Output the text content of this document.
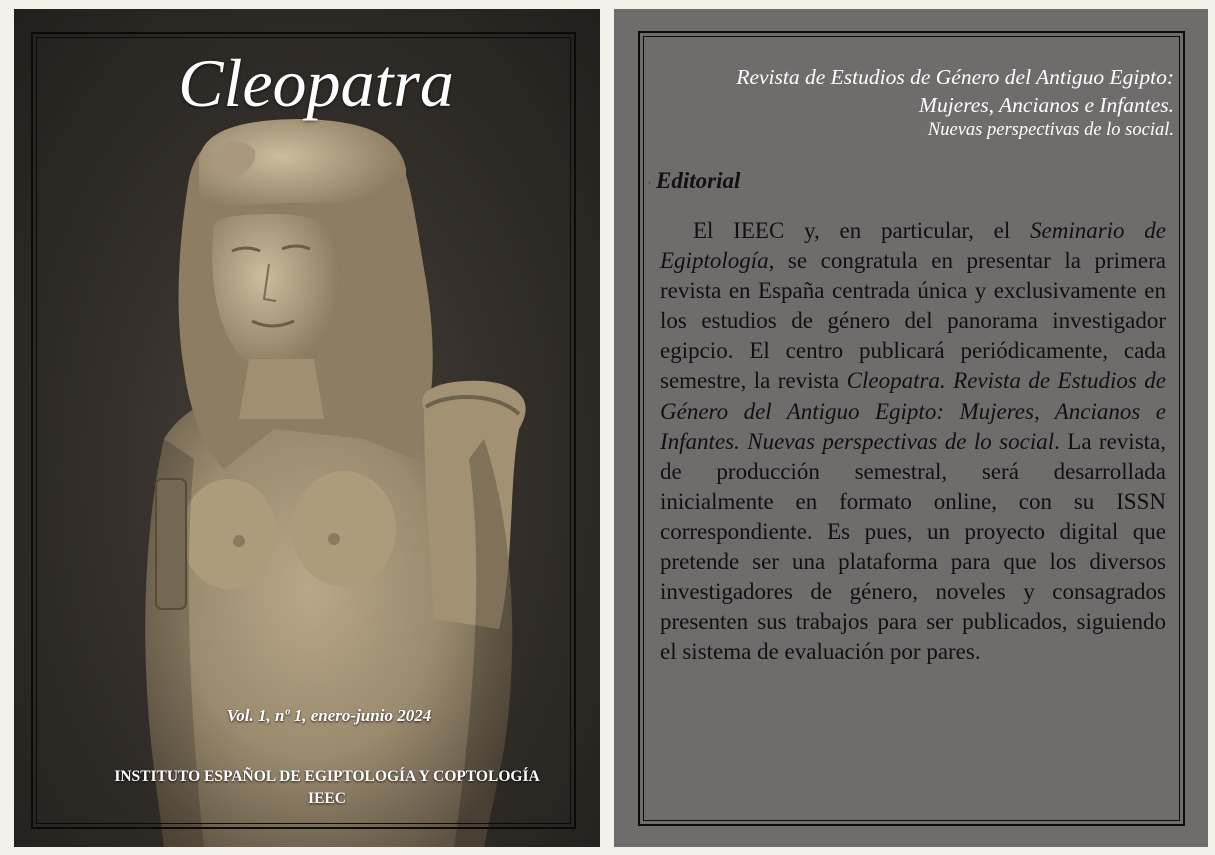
Cleopatra
Vol. 1, nº 1, enero-junio 2024
INSTITUTO ESPAÑOL DE EGIPTOLOGÍA Y COPTOLOGÍA
IEEC
Revista de Estudios de Género del Antiguo Egipto:
Mujeres, Ancianos e Infantes.
Nuevas perspectivas de lo social.
· Editorial
El IEEC y, en particular, el Seminario de Egiptología, se congratula en presentar la primera revista en España centrada única y exclusivamente en los estudios de género del panorama investigador egipcio. El centro publicará periódicamente, cada semestre, la revista Cleopatra. Revista de Estudios de Género del Antiguo Egipto: Mujeres, Ancianos e Infantes. Nuevas perspectivas de lo social. La revista, de producción semestral, será desarrollada inicialmente en formato online, con su ISSN correspondiente. Es pues, un proyecto digital que pretende ser una plataforma para que los diversos investigadores de género, noveles y consagrados presenten sus trabajos para ser publicados, siguiendo el sistema de evaluación por pares.
